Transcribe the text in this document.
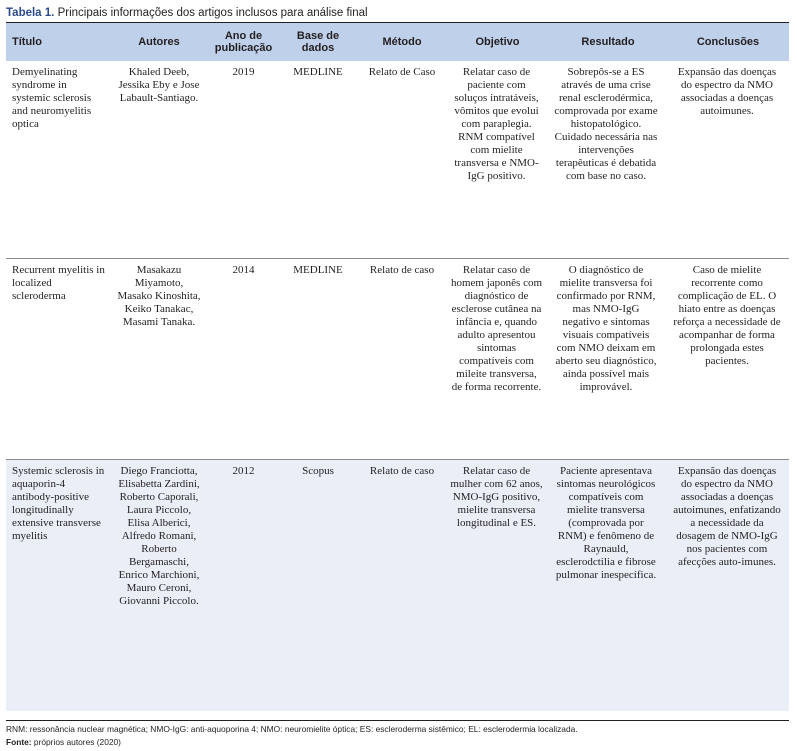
Tabela 1. Principais informações dos artigos inclusos para análise final
Título	Autores	Ano de publicação	Base de dados	Método	Objetivo	Resultado	Conclusões
Demyelinating syndrome in systemic sclerosis and neuromyelitis optica	Khaled Deeb, Jessika Eby e Jose Labault-Santiago.	2019	MEDLINE	Relato de Caso	Relatar caso de paciente com soluços intratáveis, vômitos que evolui com paraplegia. RNM compatível com mielite transversa e NMO-IgG positivo.	Sobrepôs-se a ES através de uma crise renal esclerodérmica, comprovada por exame histopatológico. Cuidado necessária nas intervenções terapêuticas é debatida com base no caso.	Expansão das doenças do espectro da NMO associadas a doenças autoimunes.
Recurrent myelitis in localized scleroderma	Masakazu Miyamoto, Masako Kinoshita, Keiko Tanakac, Masami Tanaka.	2014	MEDLINE	Relato de caso	Relatar caso de homem japonês com diagnóstico de esclerose cutânea na infância e, quando adulto apresentou sintomas compatíveis com mileite transversa, de forma recorrente.	O diagnóstico de mielite transversa foi confirmado por RNM, mas NMO-IgG negativo e sintomas visuais compatíveis com NMO deixam em aberto seu diagnóstico, ainda possível mais improvável.	Caso de mielite recorrente como complicação de EL. O hiato entre as doenças reforça a necessidade de acompanhar de forma prolongada estes pacientes.
Systemic sclerosis in aquaporin-4 antibody-positive longitudinally extensive transverse myelitis	Diego Franciotta, Elisabetta Zardini, Roberto Caporali, Laura Piccolo, Elisa Alberici, Alfredo Romani, Roberto Bergamaschi, Enrico Marchioni, Mauro Ceroni, Giovanni Piccolo.	2012	Scopus	Relato de caso	Relatar caso de mulher com 62 anos, NMO-IgG positivo, mielite transversa longitudinal e ES.	Paciente apresentava sintomas neurológicos compatíveis com mielite transversa (comprovada por RNM) e fenômeno de Raynauld, esclerodctilia e fibrose pulmonar inespecífica.	Expansão das doenças do espectro da NMO associadas a doenças autoimunes, enfatizando a necessidade da dosagem de NMO-IgG nos pacientes com afecções auto-imunes.
RNM: ressonância nuclear magnética; NMO-IgG: anti-aquoporina 4; NMO: neuromielite óptica; ES: escleroderma sistêmico; EL: esclerodermia localizada.
Fonte: próprios autores (2020)
